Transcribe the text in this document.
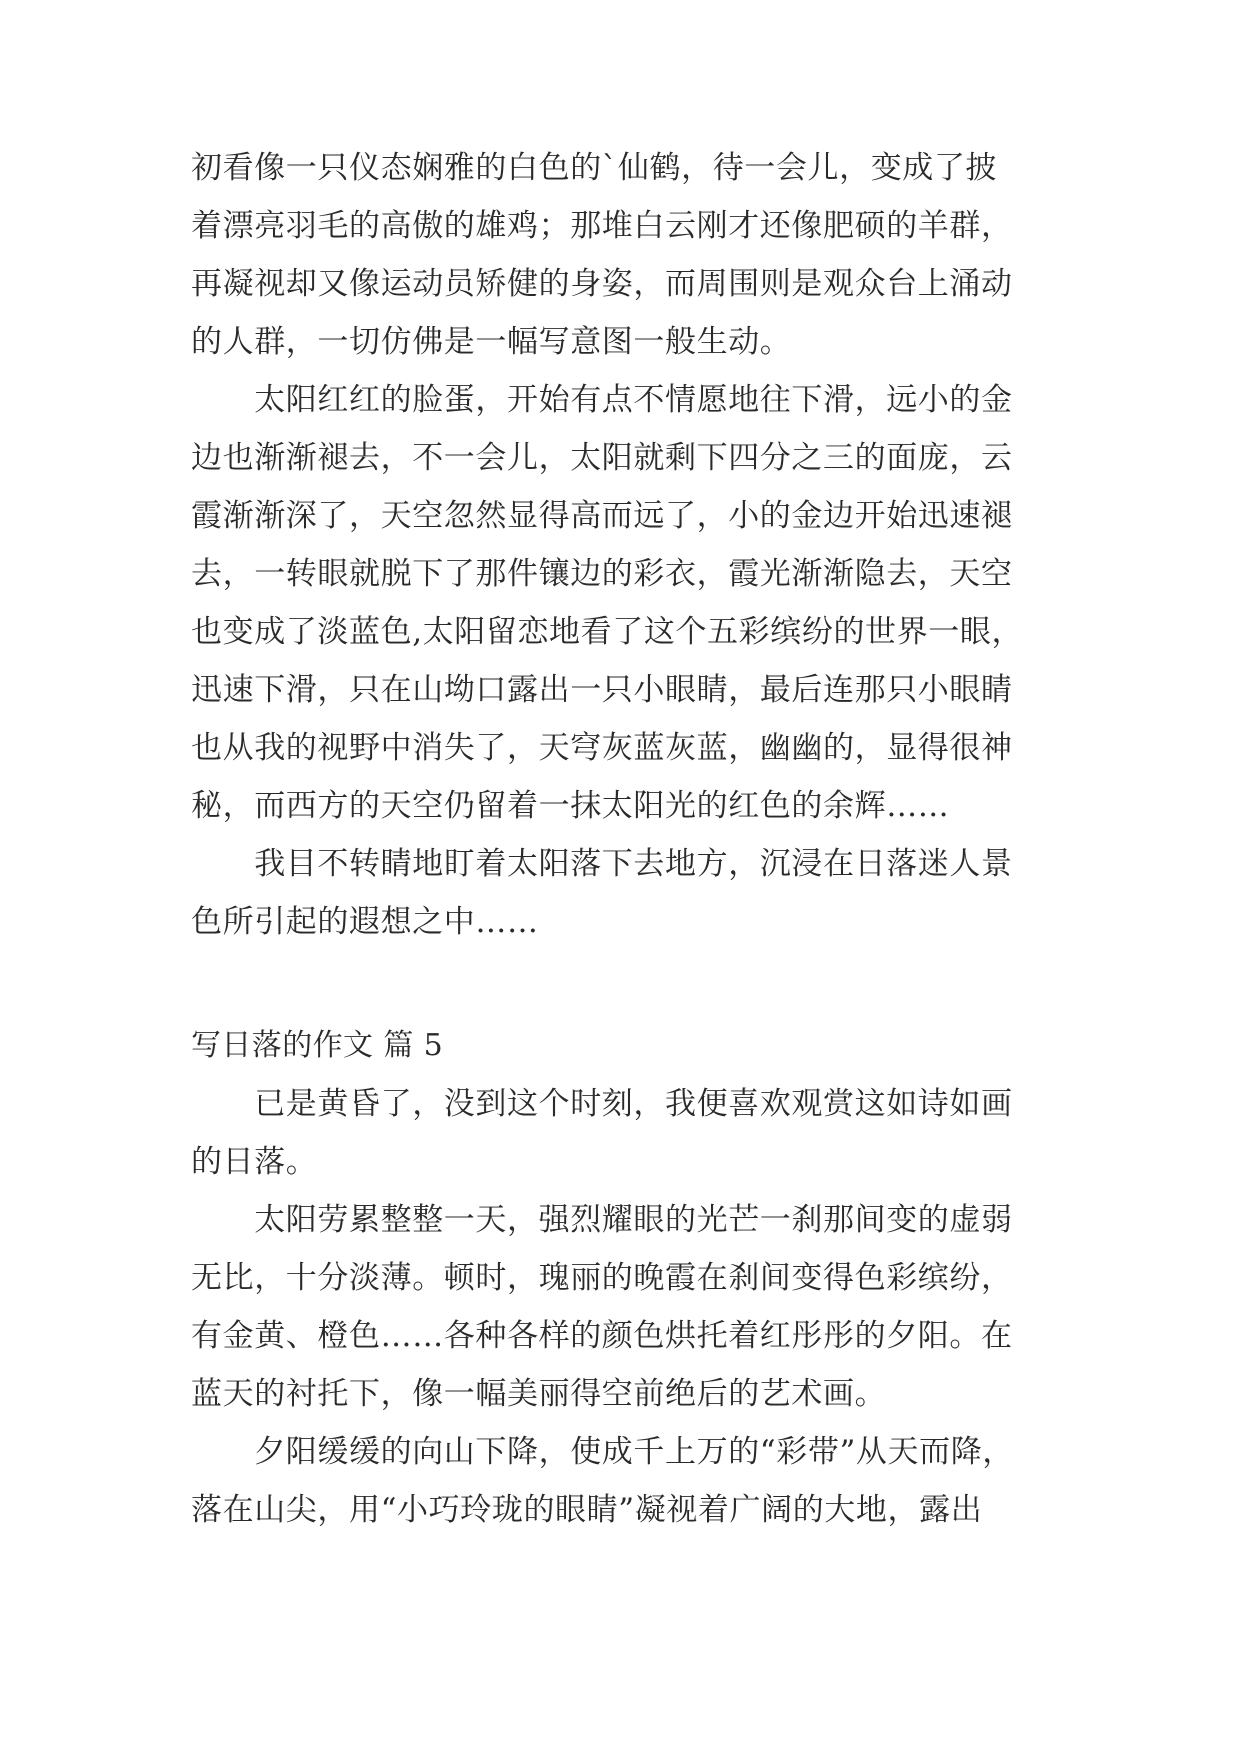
初看像一只仪态娴雅的白色的`仙鹤，待一会儿，变成了披
着漂亮羽毛的高傲的雄鸡；那堆白云刚才还像肥硕的羊群，
再凝视却又像运动员矫健的身姿，而周围则是观众台上涌动
的人群，一切仿佛是一幅写意图一般生动。
　　太阳红红的脸蛋，开始有点不情愿地往下滑，远小的金
边也渐渐褪去，不一会儿，太阳就剩下四分之三的面庞，云
霞渐渐深了，天空忽然显得高而远了，小的金边开始迅速褪
去，一转眼就脱下了那件镶边的彩衣，霞光渐渐隐去，天空
也变成了淡蓝色,太阳留恋地看了这个五彩缤纷的世界一眼，
迅速下滑，只在山坳口露出一只小眼睛，最后连那只小眼睛
也从我的视野中消失了，天穹灰蓝灰蓝，幽幽的，显得很神
秘，而西方的天空仍留着一抹太阳光的红色的余辉……
　　我目不转睛地盯着太阳落下去地方，沉浸在日落迷人景
色所引起的遐想之中……
写日落的作文 篇 5
　　已是黄昏了，没到这个时刻，我便喜欢观赏这如诗如画
的日落。
　　太阳劳累整整一天，强烈耀眼的光芒一刹那间变的虚弱
无比，十分淡薄。顿时，瑰丽的晚霞在刹间变得色彩缤纷，
有金黄、橙色……各种各样的颜色烘托着红彤彤的夕阳。在
蓝天的衬托下，像一幅美丽得空前绝后的艺术画。
　　夕阳缓缓的向山下降，使成千上万的“彩带”从天而降，
落在山尖，用“小巧玲珑的眼睛”凝视着广阔的大地，露出
